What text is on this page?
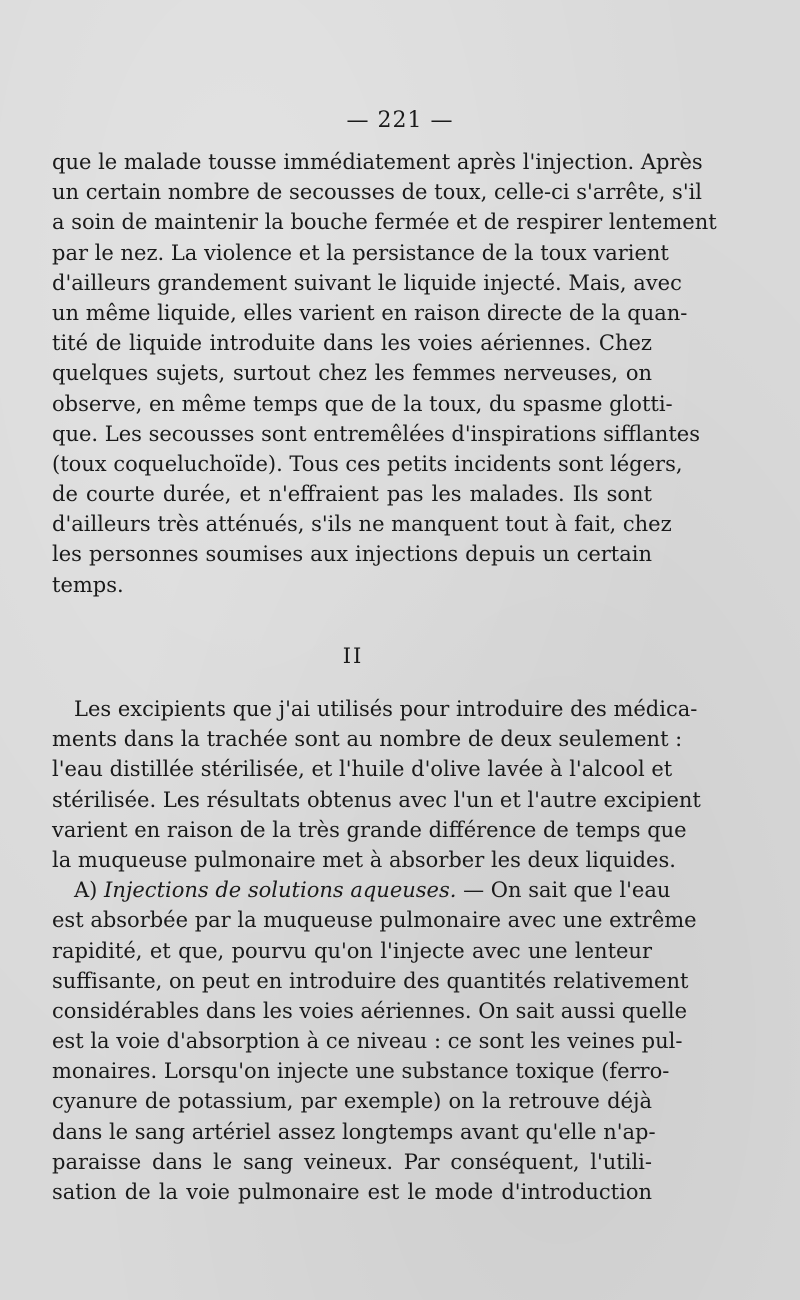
— 221 —
que le malade tousse immédiatement après l'injection. Après
un certain nombre de secousses de toux, celle-ci s'arrête, s'il
a soin de maintenir la bouche fermée et de respirer lentement
par le nez. La violence et la persistance de la toux varient
d'ailleurs grandement suivant le liquide injecté. Mais, avec
un même liquide, elles varient en raison directe de la quan-
tité de liquide introduite dans les voies aériennes. Chez
quelques sujets, surtout chez les femmes nerveuses, on
observe, en même temps que de la toux, du spasme glotti-
que. Les secousses sont entremêlées d'inspirations sifflantes
(toux coqueluchoïde). Tous ces petits incidents sont légers,
de courte durée, et n'effraient pas les malades. Ils sont
d'ailleurs très atténués, s'ils ne manquent tout à fait, chez
les personnes soumises aux injections depuis un certain
temps.
II
Les excipients que j'ai utilisés pour introduire des médica-
ments dans la trachée sont au nombre de deux seulement :
l'eau distillée stérilisée, et l'huile d'olive lavée à l'alcool et
stérilisée. Les résultats obtenus avec l'un et l'autre excipient
varient en raison de la très grande différence de temps que
la muqueuse pulmonaire met à absorber les deux liquides.
A) Injections de solutions aqueuses. — On sait que l'eau
est absorbée par la muqueuse pulmonaire avec une extrême
rapidité, et que, pourvu qu'on l'injecte avec une lenteur
suffisante, on peut en introduire des quantités relativement
considérables dans les voies aériennes. On sait aussi quelle
est la voie d'absorption à ce niveau : ce sont les veines pul-
monaires. Lorsqu'on injecte une substance toxique (ferro-
cyanure de potassium, par exemple) on la retrouve déjà
dans le sang artériel assez longtemps avant qu'elle n'ap-
paraisse dans le sang veineux. Par conséquent, l'utili-
sation de la voie pulmonaire est le mode d'introduction
